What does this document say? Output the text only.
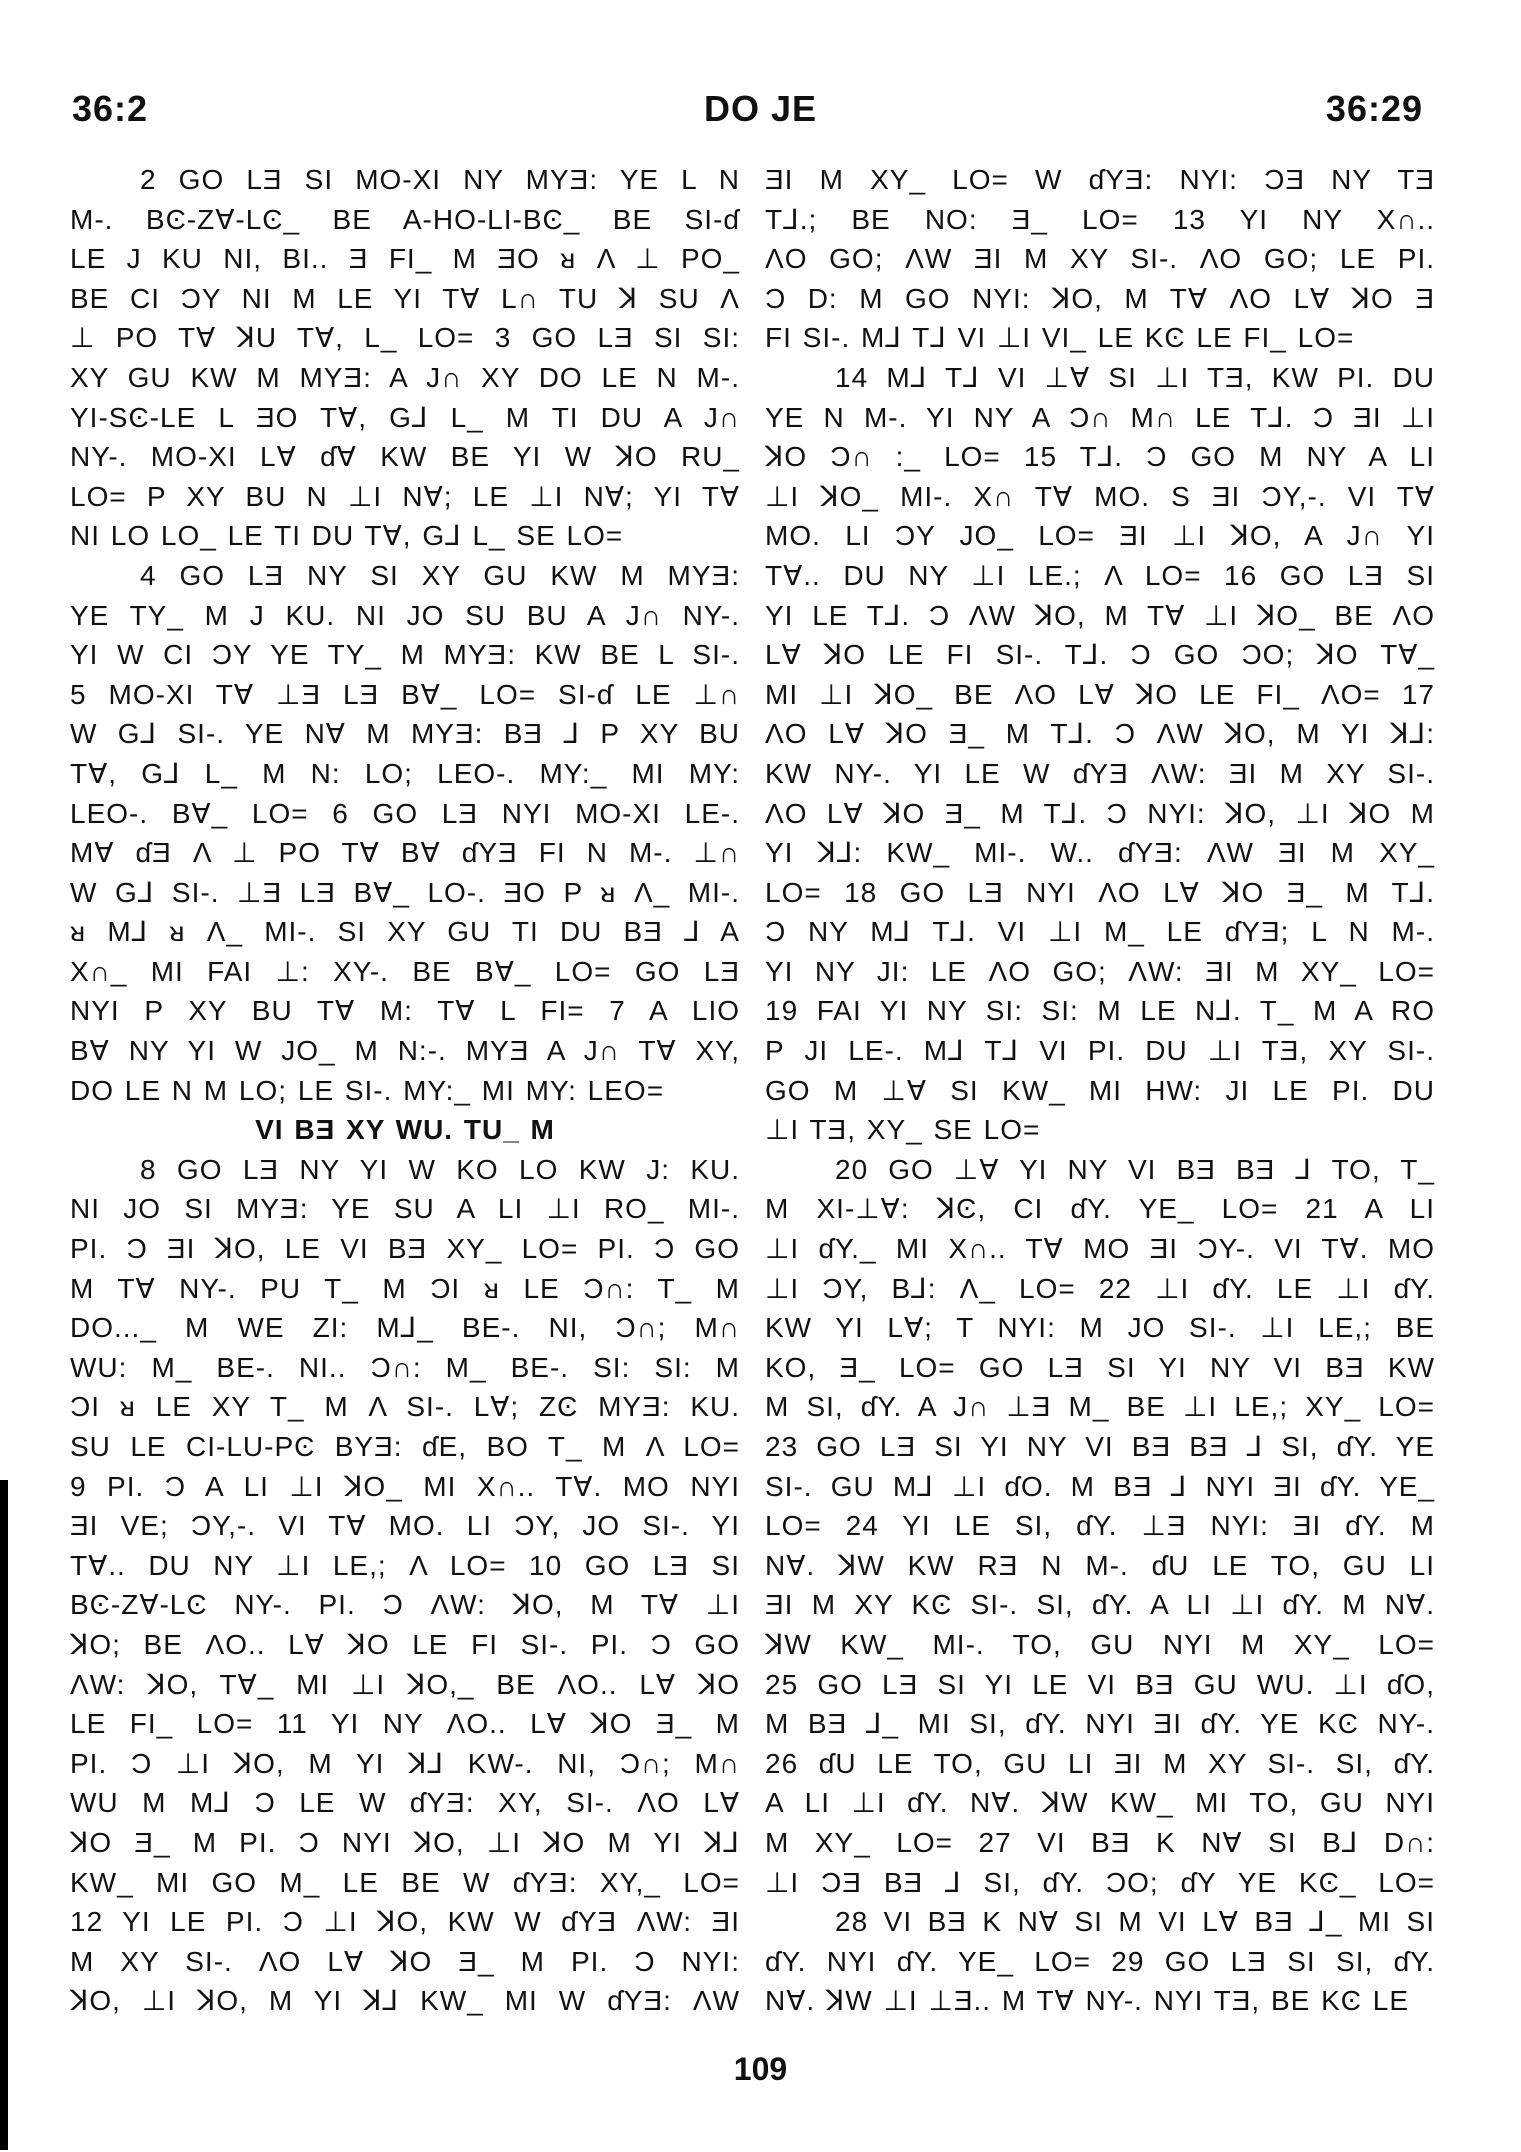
36:2	DO JE	36:29
2 GO LƎ SI MO-XI NY MYƎ: YE L N
M-. BϾ-ZⱯ-LϾ_ BE A-HO-LI-BϾ_ BE SI-ɗ
LE J KU NI, BI.. Ǝ FI_ M ƎO ᴚ Λ ⊥ PO_
BE CI ƆY NI M LE YI TⱯ L∩ TU ꓘ SU Λ
⊥ PO TⱯ ꓘU TⱯ, L_ LO= 3 GO LƎ SI SI:
XY GU KW M MYƎ: A J∩ XY DO LE N M-.
YI-SϾ-LE L ƎO TⱯ, G⅃ L_ M TI DU A J∩
NY-. MO-XI LⱯ ɗⱯ KW BE YI W ꓘO RU_
LO= P XY BU N ⊥I NⱯ; LE ⊥I NⱯ; YI TⱯ
NI LO LO_ LE TI DU TⱯ, G⅃ L_ SE LO=
4 GO LƎ NY SI XY GU KW M MYƎ:
YE TY_ M J KU. NI JO SU BU A J∩ NY-.
YI W CI ƆY YE TY_ M MYƎ: KW BE L SI-.
5 MO-XI TⱯ ⊥Ǝ LƎ BⱯ_ LO= SI-ɗ LE ⊥∩
W G⅃ SI-. YE NⱯ M MYƎ: BƎ ⅃ P XY BU
TⱯ, G⅃ L_ M N: LO; LEO-. MY:_ MI MY:
LEO-. BⱯ_ LO= 6 GO LƎ NYI MO-XI LE-.
MⱯ ɗƎ Λ ⊥ PO TⱯ BⱯ ɗYƎ FI N M-. ⊥∩
W G⅃ SI-. ⊥Ǝ LƎ BⱯ_ LO-. ƎO P ᴚ Λ_ MI-.
ᴚ M⅃ ᴚ Λ_ MI-. SI XY GU TI DU BƎ ⅃ A
X∩_ MI FAI ⊥: XY-. BE BⱯ_ LO= GO LƎ
NYI P XY BU TⱯ M: TⱯ L FI= 7 A LIO
BⱯ NY YI W JO_ M N:-. MYƎ A J∩ TⱯ XY,
DO LE N M LO; LE SI-. MY:_ MI MY: LEO=
VI BƎ XY WU. TU_ M
8 GO LƎ NY YI W KO LO KW J: KU.
NI JO SI MYƎ: YE SU A LI ⊥I RO_ MI-.
PI. Ɔ ƎI ꓘO, LE VI BƎ XY_ LO= PI. Ɔ GO
M TⱯ NY-. PU T_ M ƆI ᴚ LE Ɔ∩: T_ M
DO..._ M WE ZI: M⅃_ BE-. NI, Ɔ∩; M∩
WU: M_ BE-. NI.. Ɔ∩: M_ BE-. SI: SI: M
ƆI ᴚ LE XY T_ M Λ SI-. LⱯ; ZϾ MYƎ: KU.
SU LE CI-LU-PϾ BYƎ: ɗE, BO T_ M Λ LO=
9 PI. Ɔ A LI ⊥I ꓘO_ MI X∩.. TⱯ. MO NYI
ƎI VE; ƆY,-. VI TⱯ MO. LI ƆY, JO SI-. YI
TⱯ.. DU NY ⊥I LE,; Λ LO= 10 GO LƎ SI
BϾ-ZⱯ-LϾ NY-. PI. Ɔ ΛW: ꓘO, M TⱯ ⊥I
ꓘO; BE ΛO.. LⱯ ꓘO LE FI SI-. PI. Ɔ GO
ΛW: ꓘO, TⱯ_ MI ⊥I ꓘO,_ BE ΛO.. LⱯ ꓘO
LE FI_ LO= 11 YI NY ΛO.. LⱯ ꓘO Ǝ_ M
PI. Ɔ ⊥I ꓘO, M YI ꓘ⅃ KW-. NI, Ɔ∩; M∩
WU M M⅃ Ɔ LE W ɗYƎ: XY, SI-. ΛO LⱯ
ꓘO Ǝ_ M PI. Ɔ NYI ꓘO, ⊥I ꓘO M YI ꓘ⅃
KW_ MI GO M_ LE BE W ɗYƎ: XY,_ LO=
12 YI LE PI. Ɔ ⊥I ꓘO, KW W ɗYƎ ΛW: ƎI
M XY SI-. ΛO LⱯ ꓘO Ǝ_ M PI. Ɔ NYI:
ꓘO, ⊥I ꓘO, M YI ꓘ⅃ KW_ MI W ɗYƎ: ΛW
ƎI M XY_ LO= W ɗYƎ: NYI: ƆƎ NY TƎ
T⅃.; BE NO: Ǝ_ LO= 13 YI NY X∩..
ΛO GO; ΛW ƎI M XY SI-. ΛO GO; LE PI.
Ɔ D: M GO NYI: ꓘO, M TⱯ ΛO LⱯ ꓘO Ǝ
FI SI-. M⅃ T⅃ VI ⊥I VI_ LE KϾ LE FI_ LO=
14 M⅃ T⅃ VI ⊥Ɐ SI ⊥I TƎ, KW PI. DU
YE N M-. YI NY A Ɔ∩ M∩ LE T⅃. Ɔ ƎI ⊥I
ꓘO Ɔ∩ :_ LO= 15 T⅃. Ɔ GO M NY A LI
⊥I ꓘO_ MI-. X∩ TⱯ MO. S ƎI ƆY,-. VI TⱯ
MO. LI ƆY JO_ LO= ƎI ⊥I ꓘO, A J∩ YI
TⱯ.. DU NY ⊥I LE.; Λ LO= 16 GO LƎ SI
YI LE T⅃. Ɔ ΛW ꓘO, M TⱯ ⊥I ꓘO_ BE ΛO
LⱯ ꓘO LE FI SI-. T⅃. Ɔ GO ƆO; ꓘO TⱯ_
MI ⊥I ꓘO_ BE ΛO LⱯ ꓘO LE FI_ ΛO= 17
ΛO LⱯ ꓘO Ǝ_ M T⅃. Ɔ ΛW ꓘO, M YI ꓘ⅃:
KW NY-. YI LE W ɗYƎ ΛW: ƎI M XY SI-.
ΛO LⱯ ꓘO Ǝ_ M T⅃. Ɔ NYI: ꓘO, ⊥I ꓘO M
YI ꓘ⅃: KW_ MI-. W.. ɗYƎ: ΛW ƎI M XY_
LO= 18 GO LƎ NYI ΛO LⱯ ꓘO Ǝ_ M T⅃.
Ɔ NY M⅃ T⅃. VI ⊥I M_ LE ɗYƎ; L N M-.
YI NY JI: LE ΛO GO; ΛW: ƎI M XY_ LO=
19 FAI YI NY SI: SI: M LE N⅃. T_ M A RO
P JI LE-. M⅃ T⅃ VI PI. DU ⊥I TƎ, XY SI-.
GO M ⊥Ɐ SI KW_ MI HW: JI LE PI. DU
⊥I TƎ, XY_ SE LO=
20 GO ⊥Ɐ YI NY VI BƎ BƎ ⅃ TO, T_
M XI-⊥Ɐ: ꓘϾ, CI ɗY. YE_ LO= 21 A LI
⊥I ɗY._ MI X∩.. TⱯ MO ƎI ƆY-. VI TⱯ. MO
⊥I ƆY, B⅃: Λ_ LO= 22 ⊥I ɗY. LE ⊥I ɗY.
KW YI LⱯ; T NYI: M JO SI-. ⊥I LE,; BE
KO, Ǝ_ LO= GO LƎ SI YI NY VI BƎ KW
M SI, ɗY. A J∩ ⊥Ǝ M_ BE ⊥I LE,; XY_ LO=
23 GO LƎ SI YI NY VI BƎ BƎ ⅃ SI, ɗY. YE
SI-. GU M⅃ ⊥I ɗO. M BƎ ⅃ NYI ƎI ɗY. YE_
LO= 24 YI LE SI, ɗY. ⊥Ǝ NYI: ƎI ɗY. M
NⱯ. ꓘW KW RƎ N M-. ɗU LE TO, GU LI
ƎI M XY KϾ SI-. SI, ɗY. A LI ⊥I ɗY. M NⱯ.
ꓘW KW_ MI-. TO, GU NYI M XY_ LO=
25 GO LƎ SI YI LE VI BƎ GU WU. ⊥I ɗO,
M BƎ ⅃_ MI SI, ɗY. NYI ƎI ɗY. YE KϾ NY-.
26 ɗU LE TO, GU LI ƎI M XY SI-. SI, ɗY.
A LI ⊥I ɗY. NⱯ. ꓘW KW_ MI TO, GU NYI
M XY_ LO= 27 VI BƎ K NⱯ SI B⅃ D∩:
⊥I ƆƎ BƎ ⅃ SI, ɗY. ƆO; ɗY YE KϾ_ LO=
28 VI BƎ K NⱯ SI M VI LⱯ BƎ ⅃_ MI SI
ɗY. NYI ɗY. YE_ LO= 29 GO LƎ SI SI, ɗY.
NⱯ. ꓘW ⊥I ⊥Ǝ.. M TⱯ NY-. NYI TƎ, BE KϾ LE
109
